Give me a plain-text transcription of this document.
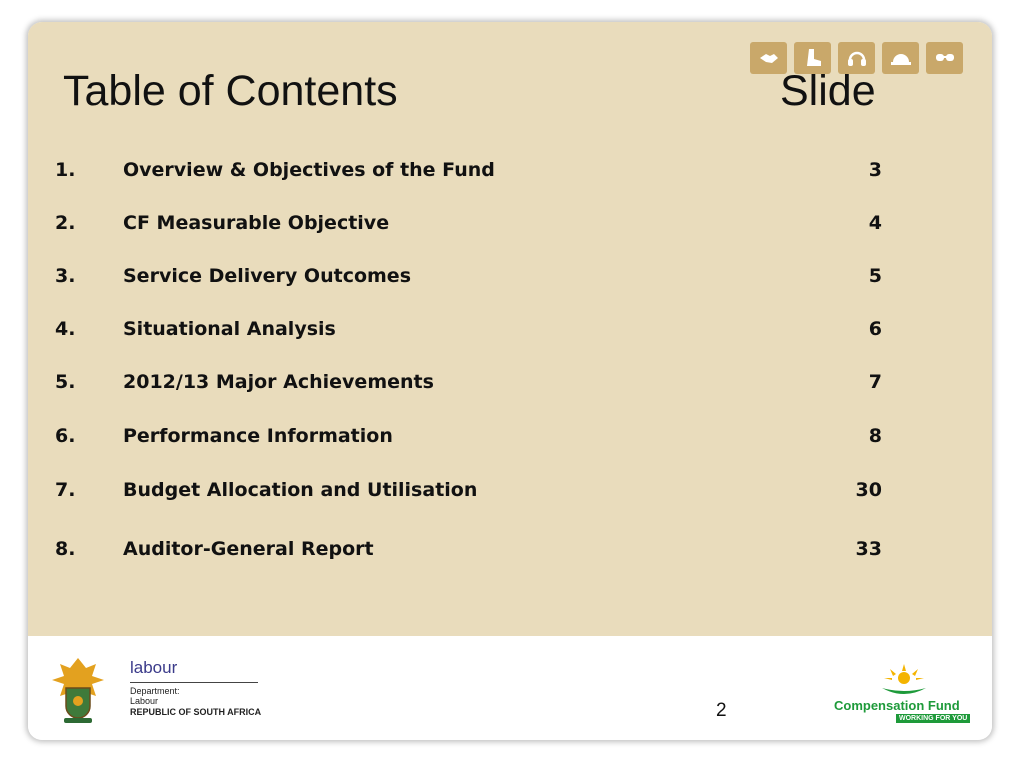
Table of Contents	Slide
1.	Overview & Objectives of the Fund	3
2.	CF Measurable Objective	4
3.	Service Delivery Outcomes	5
4.	Situational Analysis	6
5.	2012/13 Major Achievements	7
6.	Performance Information	8
7.	Budget Allocation and Utilisation	30
8.	Auditor-General Report	33
labour
Department:
Labour
REPUBLIC OF SOUTH AFRICA	Compensation Fund
WORKING FOR YOU
2
